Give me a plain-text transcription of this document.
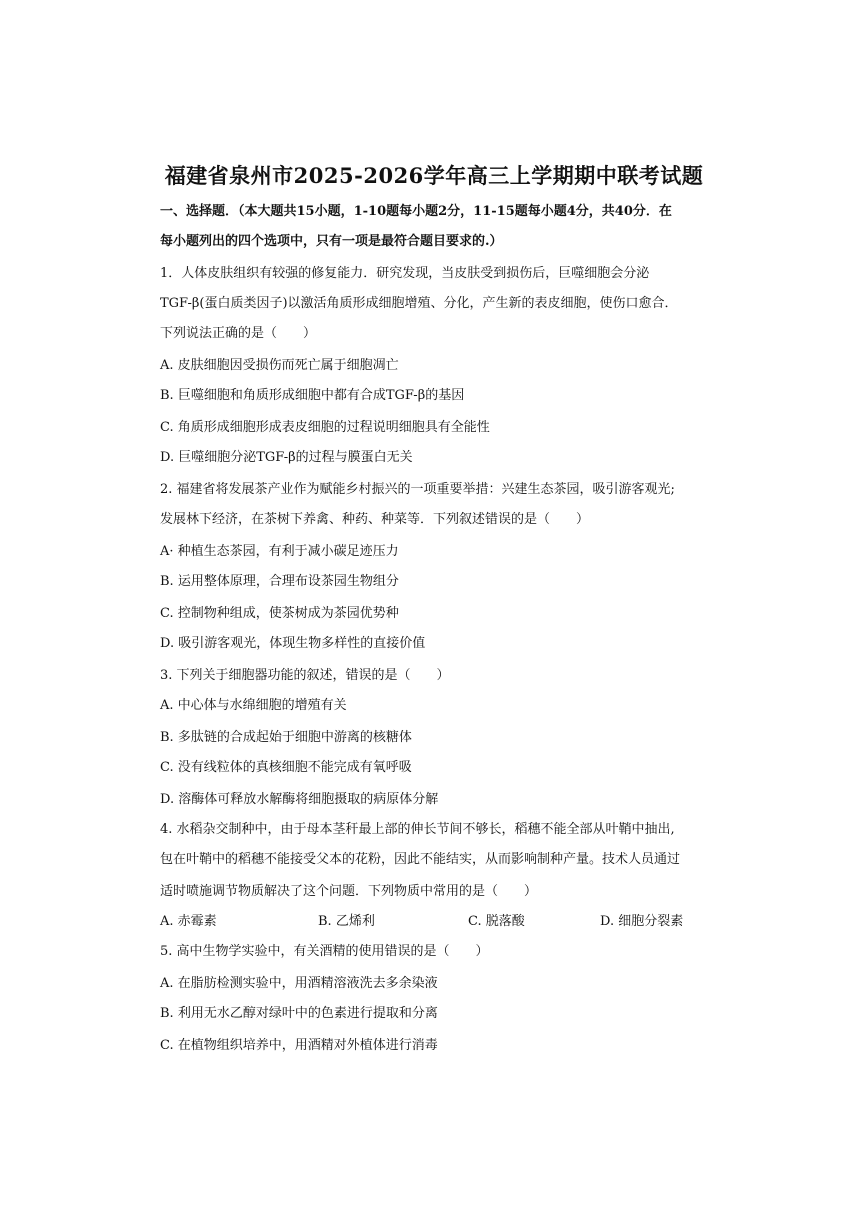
福建省泉州市2025-2026学年高三上学期期中联考试题
一、选择题．（本大题共15小题，1-10题每小题2分，11-15题每小题4分，共40分．在
每小题列出的四个选项中，只有一项是最符合题目要求的.）
1．人体皮肤组织有较强的修复能力．研究发现，当皮肤受到损伤后，巨噬细胞会分泌
TGF-β(蛋白质类因子)以激活角质形成细胞增殖、分化，产生新的表皮细胞，使伤口愈合．
下列说法正确的是（　　）
A. 皮肤细胞因受损伤而死亡属于细胞凋亡
B. 巨噬细胞和角质形成细胞中都有合成TGF-β的基因
C. 角质形成细胞形成表皮细胞的过程说明细胞具有全能性
D. 巨噬细胞分泌TGF-β的过程与膜蛋白无关
2. 福建省将发展茶产业作为赋能乡村振兴的一项重要举措：兴建生态茶园，吸引游客观光;
发展林下经济，在茶树下养禽、种药、种菜等．下列叙述错误的是（　　）
A· 种植生态茶园，有利于减小碳足迹压力
B. 运用整体原理，合理布设茶园生物组分
C. 控制物种组成，使茶树成为茶园优势种
D. 吸引游客观光，体现生物多样性的直接价值
3. 下列关于细胞器功能的叙述，错误的是（　　）
A. 中心体与水绵细胞的增殖有关
B. 多肽链的合成起始于细胞中游离的核糖体
C. 没有线粒体的真核细胞不能完成有氧呼吸
D. 溶酶体可释放水解酶将细胞摄取的病原体分解
4. 水稻杂交制种中，由于母本茎秆最上部的伸长节间不够长，稻穗不能全部从叶鞘中抽出,
包在叶鞘中的稻穗不能接受父本的花粉，因此不能结实，从而影响制种产量。技术人员通过
适时喷施调节物质解决了这个问题．下列物质中常用的是（　　）
A. 赤霉素	B. 乙烯利	C. 脱落酸	D. 细胞分裂素
5. 高中生物学实验中，有关酒精的使用错误的是（　　）
A. 在脂肪检测实验中，用酒精溶液洗去多余染液
B. 利用无水乙醇对绿叶中的色素进行提取和分离
C. 在植物组织培养中，用酒精对外植体进行消毒
